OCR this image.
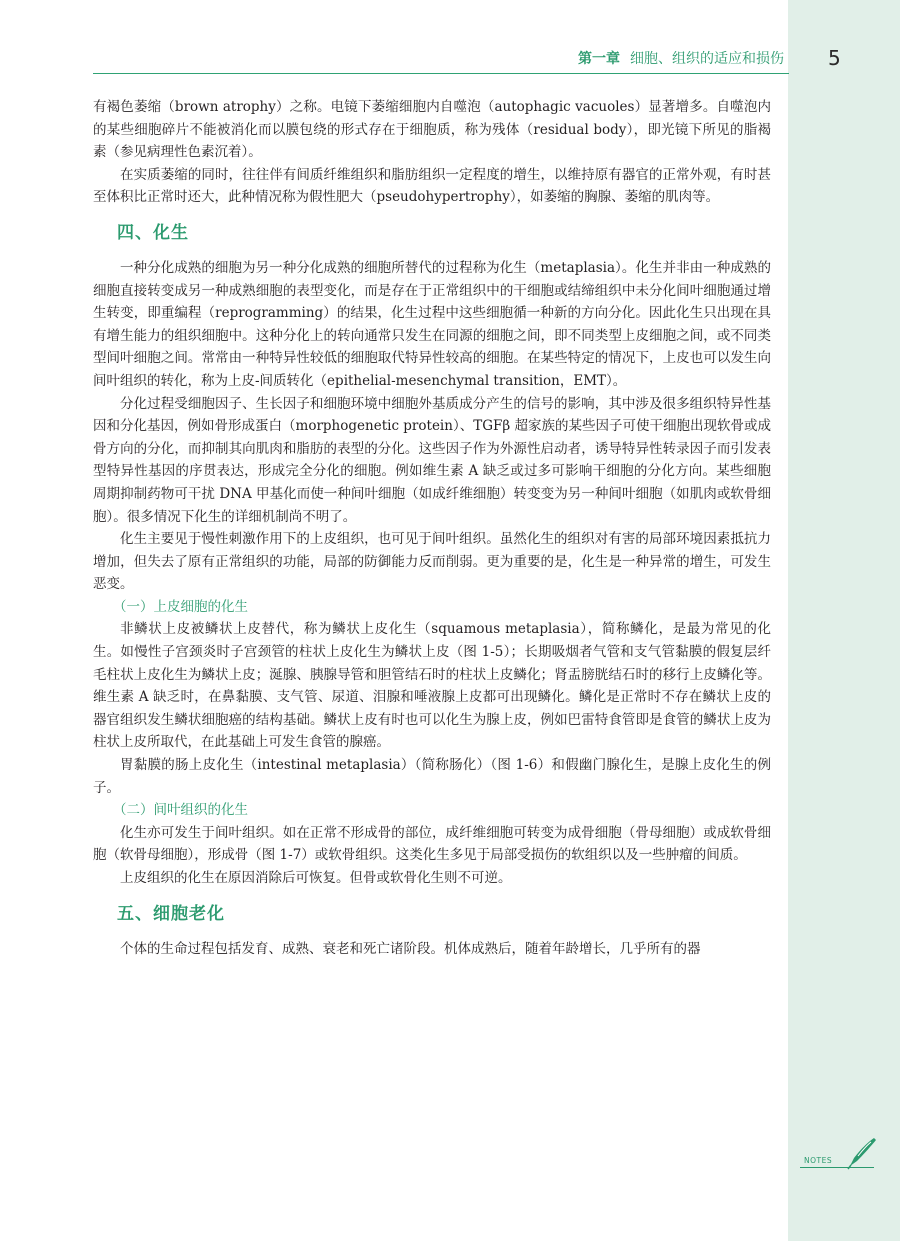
第一章 细胞、组织的适应和损伤 5

有褐色萎缩（brown atrophy）之称。电镜下萎缩细胞内自噬泡（autophagic vacuoles）显著增多。自噬泡内的某些细胞碎片不能被消化而以膜包绕的形式存在于细胞质，称为残体（residual body），即光镜下所见的脂褐素（参见病理性色素沉着）。

在实质萎缩的同时，往往伴有间质纤维组织和脂肪组织一定程度的增生，以维持原有器官的正常外观，有时甚至体积比正常时还大，此种情况称为假性肥大（pseudohypertrophy），如萎缩的胸腺、萎缩的肌肉等。

四、化生

一种分化成熟的细胞为另一种分化成熟的细胞所替代的过程称为化生（metaplasia）。化生并非由一种成熟的细胞直接转变成另一种成熟细胞的表型变化，而是存在于正常组织中的干细胞或结缔组织中未分化间叶细胞通过增生转变，即重编程（reprogramming）的结果，化生过程中这些细胞循一种新的方向分化。因此化生只出现在具有增生能力的组织细胞中。这种分化上的转向通常只发生在同源的细胞之间，即不同类型上皮细胞之间，或不同类型间叶细胞之间。常常由一种特异性较低的细胞取代特异性较高的细胞。在某些特定的情况下，上皮也可以发生向间叶组织的转化，称为上皮-间质转化（epithelial-mesenchymal transition，EMT）。

分化过程受细胞因子、生长因子和细胞环境中细胞外基质成分产生的信号的影响，其中涉及很多组织特异性基因和分化基因，例如骨形成蛋白（morphogenetic protein）、TGFβ 超家族的某些因子可使干细胞出现软骨或成骨方向的分化，而抑制其向肌肉和脂肪的表型的分化。这些因子作为外源性启动者，诱导特异性转录因子而引发表型特异性基因的序贯表达，形成完全分化的细胞。例如维生素 A 缺乏或过多可影响干细胞的分化方向。某些细胞周期抑制药物可干扰 DNA 甲基化而使一种间叶细胞（如成纤维细胞）转变变为另一种间叶细胞（如肌肉或软骨细胞）。很多情况下化生的详细机制尚不明了。

化生主要见于慢性刺激作用下的上皮组织，也可见于间叶组织。虽然化生的组织对有害的局部环境因素抵抗力增加，但失去了原有正常组织的功能，局部的防御能力反而削弱。更为重要的是，化生是一种异常的增生，可发生恶变。

（一）上皮细胞的化生

非鳞状上皮被鳞状上皮替代，称为鳞状上皮化生（squamous metaplasia），简称鳞化，是最为常见的化生。如慢性子宫颈炎时子宫颈管的柱状上皮化生为鳞状上皮（图 1-5）；长期吸烟者气管和支气管黏膜的假复层纤毛柱状上皮化生为鳞状上皮；涎腺、胰腺导管和胆管结石时的柱状上皮鳞化；肾盂膀胱结石时的移行上皮鳞化等。维生素 A 缺乏时，在鼻黏膜、支气管、尿道、泪腺和唾液腺上皮都可出现鳞化。鳞化是正常时不存在鳞状上皮的器官组织发生鳞状细胞癌的结构基础。鳞状上皮有时也可以化生为腺上皮，例如巴雷特食管即是食管的鳞状上皮为柱状上皮所取代，在此基础上可发生食管的腺癌。

胃黏膜的肠上皮化生（intestinal metaplasia）（简称肠化）（图 1-6）和假幽门腺化生，是腺上皮化生的例子。

（二）间叶组织的化生

化生亦可发生于间叶组织。如在正常不形成骨的部位，成纤维细胞可转变为成骨细胞（骨母细胞）或成软骨细胞（软骨母细胞），形成骨（图 1-7）或软骨组织。这类化生多见于局部受损伤的软组织以及一些肿瘤的间质。

上皮组织的化生在原因消除后可恢复。但骨或软骨化生则不可逆。

五、细胞老化

个体的生命过程包括发育、成熟、衰老和死亡诸阶段。机体成熟后，随着年龄增长，几乎所有的器

NOTES
